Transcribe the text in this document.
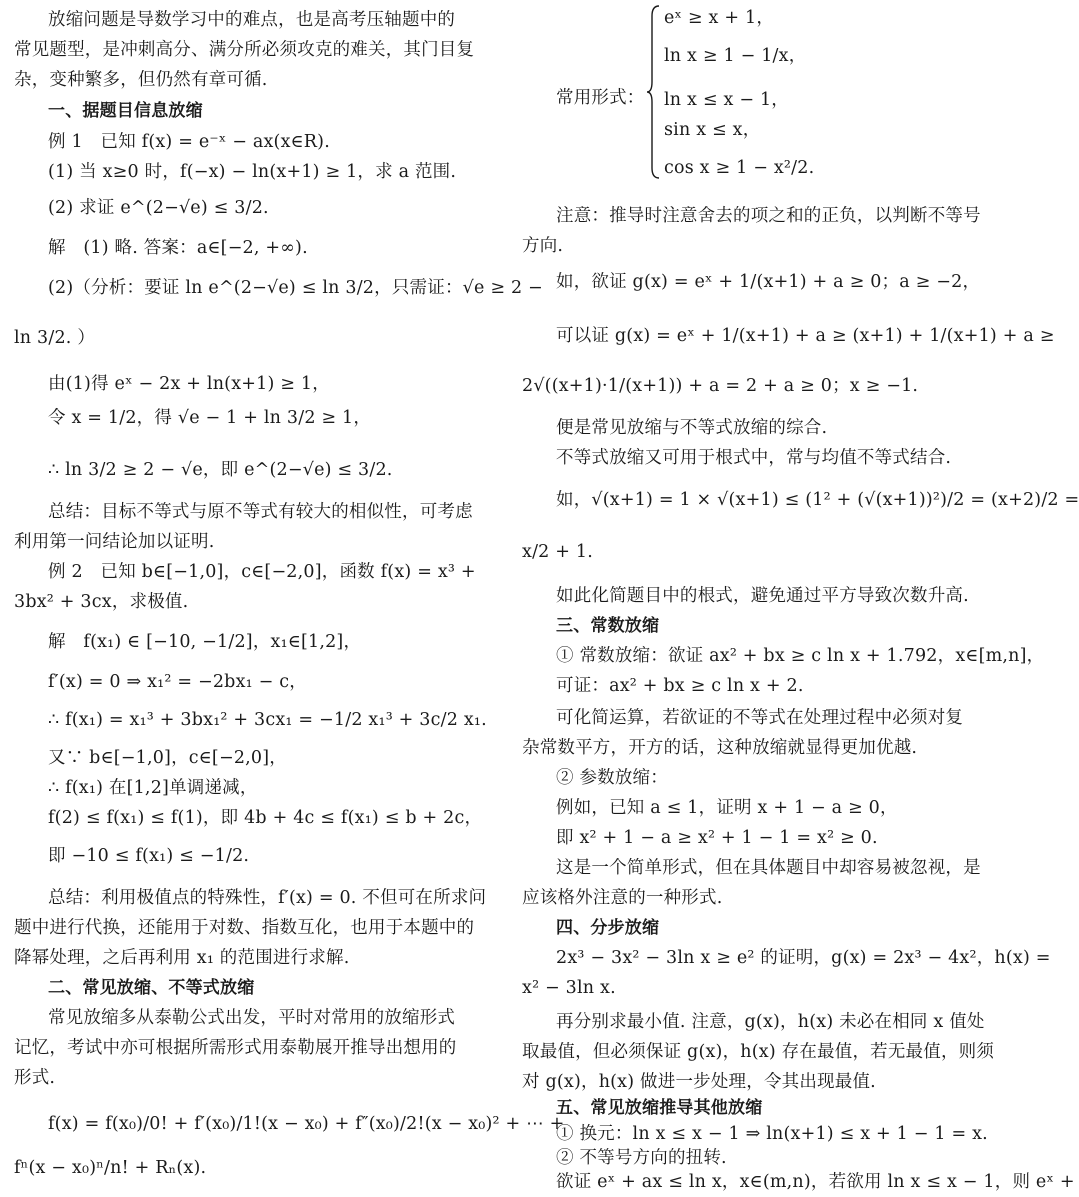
放缩问题是导数学习中的难点，也是高考压轴题中的
常见题型，是冲刺高分、满分所必须攻克的难关，其门目复
杂，变种繁多，但仍然有章可循.
一、据题目信息放缩
例 1　已知 f(x) = e⁻ˣ − ax(x∈R).
(1) 当 x≥0 时，f(−x) − ln(x+1) ≥ 1，求 a 范围.
(2) 求证 e^(2−√e) ≤ 3/2.
解　(1) 略. 答案：a∈[−2, +∞).
(2)（分析：要证 ln e^(2−√e) ≤ ln 3/2，只需证：√e ≥ 2 −
ln 3/2. ）
由(1)得 eˣ − 2x + ln(x+1) ≥ 1，
令 x = 1/2，得 √e − 1 + ln 3/2 ≥ 1，
∴ ln 3/2 ≥ 2 − √e，即 e^(2−√e) ≤ 3/2.
总结：目标不等式与原不等式有较大的相似性，可考虑
利用第一问结论加以证明.
例 2　已知 b∈[−1,0]，c∈[−2,0]，函数 f(x) = x³ +
3bx² + 3cx，求极值.
解　f(x₁) ∈ [−10, −1/2]，x₁∈[1,2]，
f′(x) = 0 ⇒ x₁² = −2bx₁ − c，
∴ f(x₁) = x₁³ + 3bx₁² + 3cx₁ = −1/2 x₁³ + 3c/2 x₁.
又∵ b∈[−1,0]，c∈[−2,0]，
∴ f(x₁) 在[1,2]单调递减，
f(2) ≤ f(x₁) ≤ f(1)，即 4b + 4c ≤ f(x₁) ≤ b + 2c，
即 −10 ≤ f(x₁) ≤ −1/2.
总结：利用极值点的特殊性，f′(x) = 0. 不但可在所求问
题中进行代换，还能用于对数、指数互化，也用于本题中的
降幂处理，之后再利用 x₁ 的范围进行求解.
二、常见放缩、不等式放缩
常见放缩多从泰勒公式出发，平时对常用的放缩形式
记忆，考试中亦可根据所需形式用泰勒展开推导出想用的
形式.
f(x) = f(x₀)/0! + f′(x₀)/1!(x − x₀) + f″(x₀)/2!(x − x₀)² + ⋯ +
fⁿ(x − x₀)ⁿ/n! + Rₙ(x).
常用形式：
eˣ ≥ x + 1，
ln x ≥ 1 − 1/x，
ln x ≤ x − 1，
sin x ≤ x，
cos x ≥ 1 − x²/2.
注意：推导时注意舍去的项之和的正负，以判断不等号
方向.
如，欲证 g(x) = eˣ + 1/(x+1) + a ≥ 0；a ≥ −2，
可以证 g(x) = eˣ + 1/(x+1) + a ≥ (x+1) + 1/(x+1) + a ≥
2√((x+1)·1/(x+1)) + a = 2 + a ≥ 0；x ≥ −1.
便是常见放缩与不等式放缩的综合.
不等式放缩又可用于根式中，常与均值不等式结合.
如，√(x+1) = 1 × √(x+1) ≤ (1² + (√(x+1))²)/2 = (x+2)/2 =
x/2 + 1.
如此化简题目中的根式，避免通过平方导致次数升高.
三、常数放缩
① 常数放缩：欲证 ax² + bx ≥ c ln x + 1.792，x∈[m,n]，
可证：ax² + bx ≥ c ln x + 2.
可化简运算，若欲证的不等式在处理过程中必须对复
杂常数平方，开方的话，这种放缩就显得更加优越.
② 参数放缩：
例如，已知 a ≤ 1，证明 x + 1 − a ≥ 0，
即 x² + 1 − a ≥ x² + 1 − 1 = x² ≥ 0.
这是一个简单形式，但在具体题目中却容易被忽视，是
应该格外注意的一种形式.
四、分步放缩
2x³ − 3x² − 3ln x ≥ e² 的证明，g(x) = 2x³ − 4x²，h(x) =
x² − 3ln x.
再分别求最小值. 注意，g(x)，h(x) 未必在相同 x 值处
取最值，但必须保证 g(x)，h(x) 存在最值，若无最值，则须
对 g(x)，h(x) 做进一步处理，令其出现最值.
五、常见放缩推导其他放缩
① 换元：ln x ≤ x − 1 ⇒ ln(x+1) ≤ x + 1 − 1 = x.
② 不等号方向的扭转.
欲证 eˣ + ax ≤ ln x，x∈(m,n)，若欲用 ln x ≤ x − 1，则 eˣ +
